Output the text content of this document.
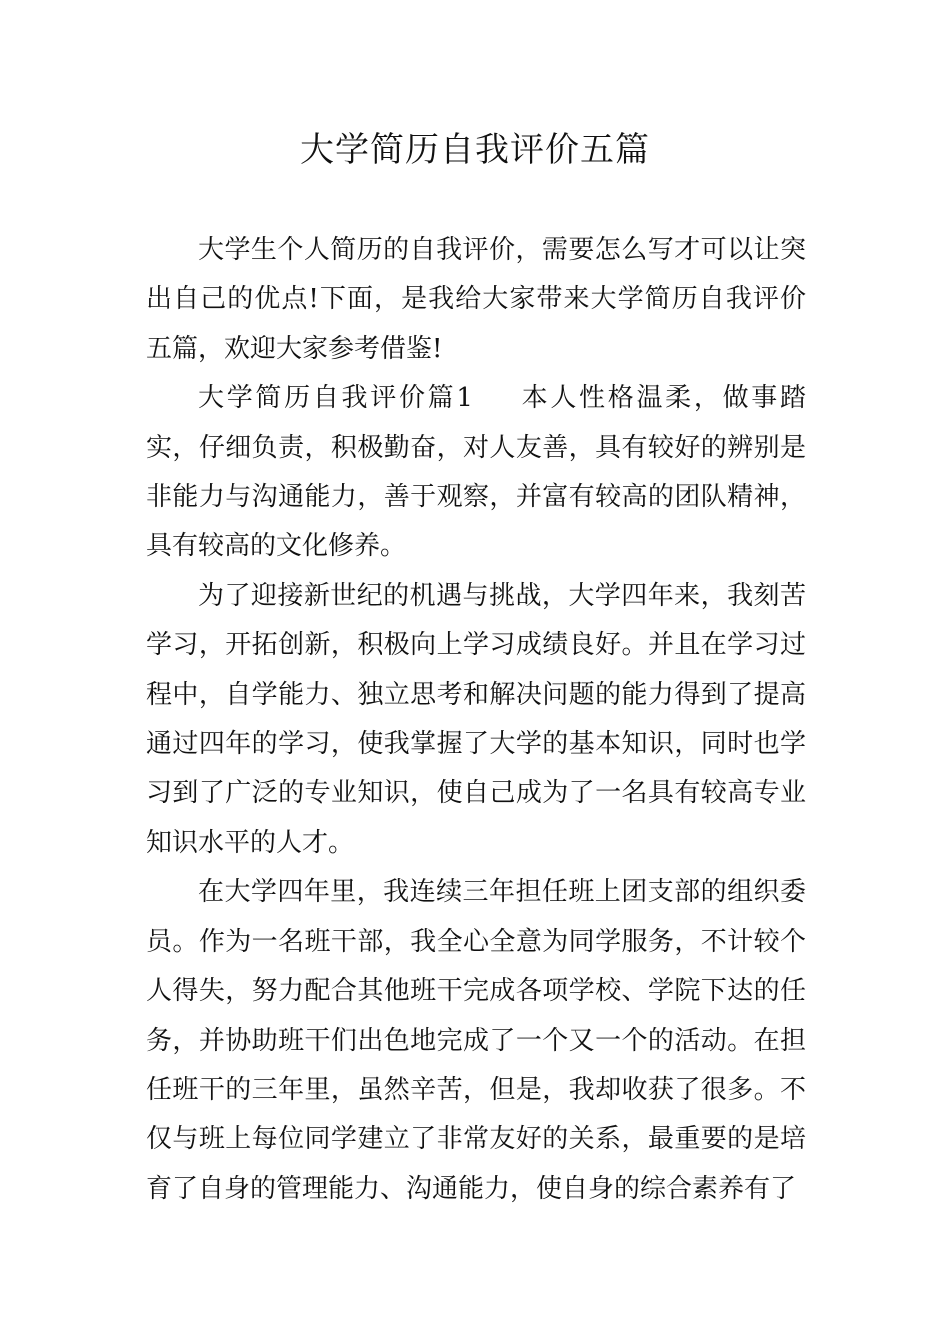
大学简历自我评价五篇

大学生个人简历的自我评价，需要怎么写才可以让突出自己的优点!下面，是我给大家带来大学简历自我评价五篇，欢迎大家参考借鉴!

大学简历自我评价篇1 本人性格温柔，做事踏实，仔细负责，积极勤奋，对人友善，具有较好的辨别是非能力与沟通能力，善于观察，并富有较高的团队精神，具有较高的文化修养。

为了迎接新世纪的机遇与挑战，大学四年来，我刻苦学习，开拓创新，积极向上学习成绩良好。并且在学习过程中，自学能力、独立思考和解决问题的能力得到了提高通过四年的学习，使我掌握了大学的基本知识，同时也学习到了广泛的专业知识，使自己成为了一名具有较高专业知识水平的人才。

在大学四年里，我连续三年担任班上团支部的组织委员。作为一名班干部，我全心全意为同学服务，不计较个人得失，努力配合其他班干完成各项学校、学院下达的任务，并协助班干们出色地完成了一个又一个的活动。在担任班干的三年里，虽然辛苦，但是，我却收获了很多。不仅与班上每位同学建立了非常友好的关系，最重要的是培育了自身的管理能力、沟通能力，使自身的综合素养有了
